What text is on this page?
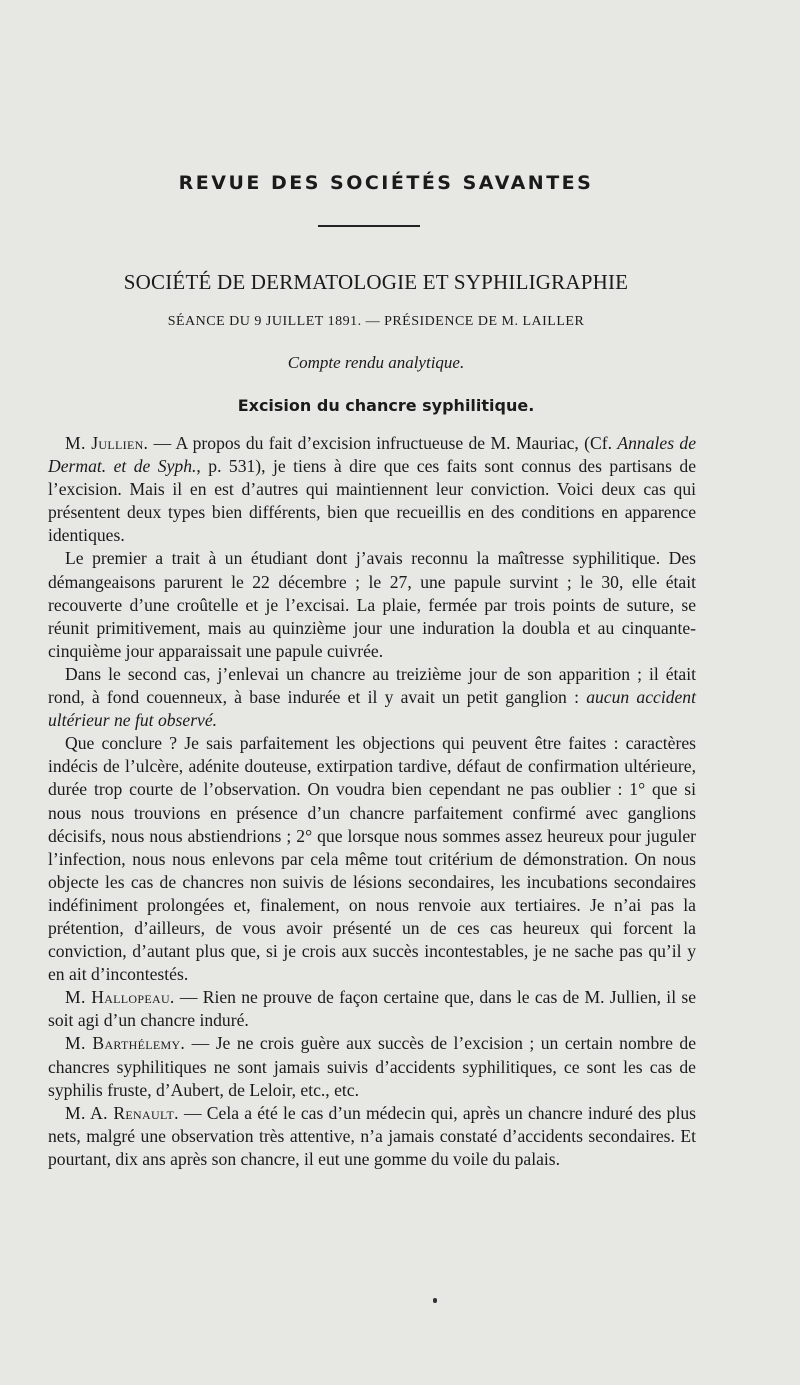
REVUE DES SOCIÉTÉS SAVANTES
SOCIÉTÉ DE DERMATOLOGIE ET SYPHILIGRAPHIE
SÉANCE DU 9 JUILLET 1891. — PRÉSIDENCE DE M. LAILLER
Compte rendu analytique.
Excision du chancre syphilitique.

M. Jullien. — A propos du fait d’excision infructueuse de M. Mauriac, (Cf. Annales de Dermat. et de Syph., p. 531), je tiens à dire que ces faits sont connus des partisans de l’excision. Mais il en est d’autres qui maintiennent leur conviction. Voici deux cas qui présentent deux types bien différents, bien que recueillis en des conditions en apparence identiques.

Le premier a trait à un étudiant dont j’avais reconnu la maîtresse syphilitique. Des démangeaisons parurent le 22 décembre ; le 27, une papule survint ; le 30, elle était recouverte d’une croûtelle et je l’excisai. La plaie, fermée par trois points de suture, se réunit primitivement, mais au quinzième jour une induration la doubla et au cinquante-cinquième jour apparaissait une papule cuivrée.

Dans le second cas, j’enlevai un chancre au treizième jour de son apparition ; il était rond, à fond couenneux, à base indurée et il y avait un petit ganglion : aucun accident ultérieur ne fut observé.

Que conclure ? Je sais parfaitement les objections qui peuvent être faites : caractères indécis de l’ulcère, adénite douteuse, extirpation tardive, défaut de confirmation ultérieure, durée trop courte de l’observation. On voudra bien cependant ne pas oublier : 1° que si nous nous trouvions en présence d’un chancre parfaitement confirmé avec ganglions décisifs, nous nous abstiendrions ; 2° que lorsque nous sommes assez heureux pour juguler l’infection, nous nous enlevons par cela même tout critérium de démonstration. On nous objecte les cas de chancres non suivis de lésions secondaires, les incubations secondaires indéfiniment prolongées et, finalement, on nous renvoie aux tertiaires. Je n’ai pas la prétention, d’ailleurs, de vous avoir présenté un de ces cas heureux qui forcent la conviction, d’autant plus que, si je crois aux succès incontestables, je ne sache pas qu’il y en ait d’incontestés.

M. Hallopeau. — Rien ne prouve de façon certaine que, dans le cas de M. Jullien, il se soit agi d’un chancre induré.

M. Barthélemy. — Je ne crois guère aux succès de l’excision ; un certain nombre de chancres syphilitiques ne sont jamais suivis d’accidents syphilitiques, ce sont les cas de syphilis fruste, d’Aubert, de Leloir, etc., etc.

M. A. Renault. — Cela a été le cas d’un médecin qui, après un chancre induré des plus nets, malgré une observation très attentive, n’a jamais constaté d’accidents secondaires. Et pourtant, dix ans après son chancre, il eut une gomme du voile du palais.
